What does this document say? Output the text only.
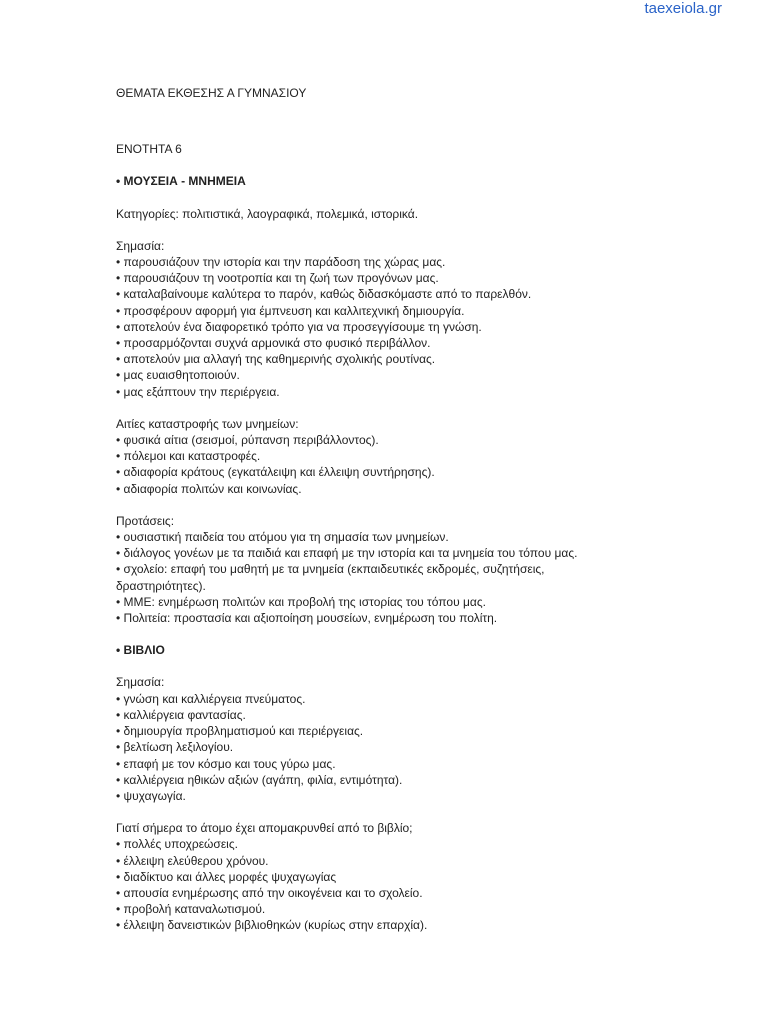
taexeiola.gr
ΘΕΜΑΤΑ ΕΚΘΕΣΗΣ Α ΓΥΜΝΑΣΙΟΥ
ΕΝΟΤΗΤΑ 6
• ΜΟΥΣΕΙΑ - ΜΝΗΜΕΙΑ
Κατηγορίες: πολιτιστικά, λαογραφικά, πολεμικά, ιστορικά.
Σημασία:
• παρουσιάζουν την ιστορία και την παράδοση της χώρας μας.
• παρουσιάζουν τη νοοτροπία και τη ζωή των προγόνων μας.
• καταλαβαίνουμε καλύτερα το παρόν, καθώς διδασκόμαστε από το παρελθόν.
• προσφέρουν αφορμή για έμπνευση και καλλιτεχνική δημιουργία.
• αποτελούν ένα διαφορετικό τρόπο για να προσεγγίσουμε τη γνώση.
• προσαρμόζονται συχνά αρμονικά στο φυσικό περιβάλλον.
• αποτελούν μια αλλαγή της καθημερινής σχολικής ρουτίνας.
• μας ευαισθητοποιούν.
• μας εξάπτουν την περιέργεια.
Αιτίες καταστροφής των μνημείων:
• φυσικά αίτια (σεισμοί, ρύπανση περιβάλλοντος).
• πόλεμοι και καταστροφές.
• αδιαφορία κράτους (εγκατάλειψη και έλλειψη συντήρησης).
• αδιαφορία πολιτών και κοινωνίας.
Προτάσεις:
• ουσιαστική παιδεία του ατόμου για τη σημασία των μνημείων.
• διάλογος γονέων με τα παιδιά και επαφή με την ιστορία και τα μνημεία του τόπου μας.
• σχολείο: επαφή του μαθητή με τα μνημεία (εκπαιδευτικές εκδρομές, συζητήσεις,
δραστηριότητες).
• ΜΜΕ: ενημέρωση πολιτών και προβολή της ιστορίας του τόπου μας.
• Πολιτεία: προστασία και αξιοποίηση μουσείων, ενημέρωση του πολίτη.
• ΒΙΒΛΙΟ
Σημασία:
• γνώση και καλλιέργεια πνεύματος.
• καλλιέργεια φαντασίας.
• δημιουργία προβληματισμού και περιέργειας.
• βελτίωση λεξιλογίου.
• επαφή με τον κόσμο και τους γύρω μας.
• καλλιέργεια ηθικών αξιών (αγάπη, φιλία, εντιμότητα).
• ψυχαγωγία.
Γιατί σήμερα το άτομο έχει απομακρυνθεί από το βιβλίο;
• πολλές υποχρεώσεις.
• έλλειψη ελεύθερου χρόνου.
• διαδίκτυο και άλλες μορφές ψυχαγωγίας
• απουσία ενημέρωσης από την οικογένεια και το σχολείο.
• προβολή καταναλωτισμού.
• έλλειψη δανειστικών βιβλιοθηκών (κυρίως στην επαρχία).
